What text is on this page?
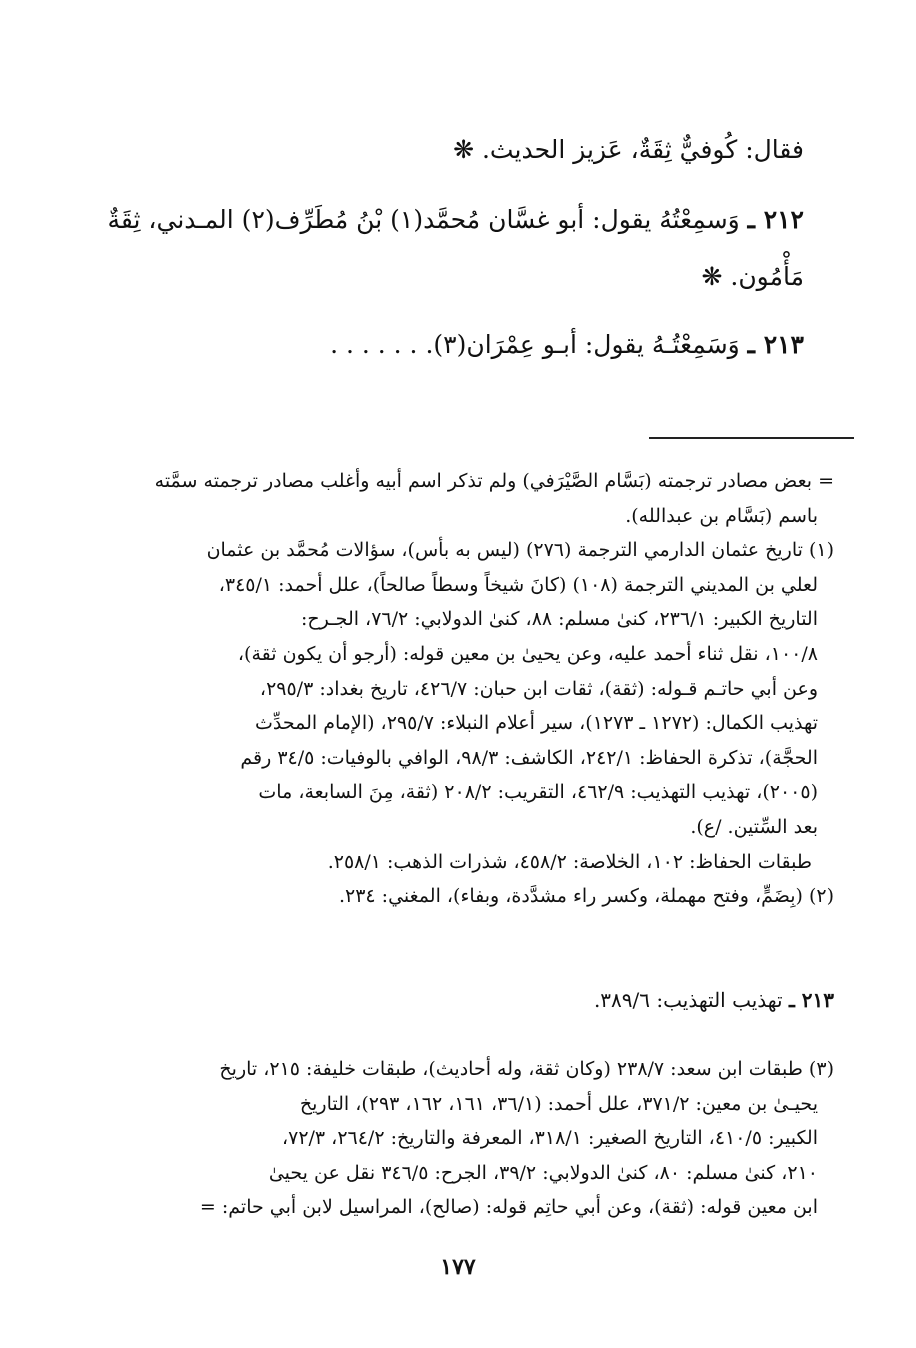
فقال: كُوفيٌّ ثِقَةٌ، عَزيز الحديث. ❋
٢١٢ ـ وَسمِعْتُهُ يقول: أبو غسَّان مُحمَّد(١) بْنُ مُطَرِّف(٢) المـدني، ثِقَةٌ
مَأْمُون. ❋
٢١٣ ـ وَسَمِعْتُـهُ يقول: أبـو عِمْرَان(٣). . . . . . .
= بعض مصادر ترجمته (بَسَّام الصَّيْرَفي) ولم تذكر اسم أبيه وأغلب مصادر ترجمته سمَّته
باسم (بَسَّام بن عبدالله).
(١) تاريخ عثمان الدارمي الترجمة (٢٧٦) (ليس به بأس)، سؤالات مُحمَّد بن عثمان
لعلي بن المديني الترجمة (١٠٨) (كانَ شيخاً وسطاً صالحاً)، علل أحمد: ٣٤٥/١،
التاريخ الكبير: ٢٣٦/١، كنىٰ مسلم: ٨٨، كنىٰ الدولابي: ٧٦/٢، الجـرح:
١٠٠/٨، نقل ثناء أحمد عليه، وعن يحيىٰ بن معين قوله: (أرجو أن يكون ثقة)،
وعن أبي حاتـم قـوله: (ثقة)، ثقات ابن حبان: ٤٢٦/٧، تاريخ بغداد: ٢٩٥/٣،
تهذيب الكمال: (١٢٧٢ ـ ١٢٧٣)، سير أعلام النبلاء: ٢٩٥/٧، (الإمام المحدِّث
الحجَّة)، تذكرة الحفاظ: ٢٤٢/١، الكاشف: ٩٨/٣، الوافي بالوفيات: ٣٤/٥ رقم
(٢٠٠٥)، تهذيب التهذيب: ٤٦٢/٩، التقريب: ٢٠٨/٢ (ثقة، مِنَ السابعة، مات
بعد السِّتين. /ع).
طبقات الحفاظ: ١٠٢، الخلاصة: ٤٥٨/٢، شذرات الذهب: ٢٥٨/١.
(٢) (بِضَمٍّ، وفتح مهملة، وكسر راء مشدَّدة، وبفاء)، المغني: ٢٣٤.
٢١٣ ـ تهذيب التهذيب: ٣٨٩/٦.
(٣) طبقات ابن سعد: ٢٣٨/٧ (وكان ثقة، وله أحاديث)، طبقات خليفة: ٢١٥، تاريخ
يحيـىٰ بن معين: ٣٧١/٢، علل أحمد: (٣٦/١، ١٦١، ١٦٢، ٢٩٣)، التاريخ
الكبير: ٤١٠/٥، التاريخ الصغير: ٣١٨/١، المعرفة والتاريخ: ٢٦٤/٢، ٧٢/٣،
٢١٠، كنىٰ مسلم: ٨٠، كنىٰ الدولابي: ٣٩/٢، الجرح: ٣٤٦/٥ نقل عن يحيىٰ
ابن معين قوله: (ثقة)، وعن أبي حاتِم قوله: (صالح)، المراسيل لابن أبي حاتم: =
١٧٧
